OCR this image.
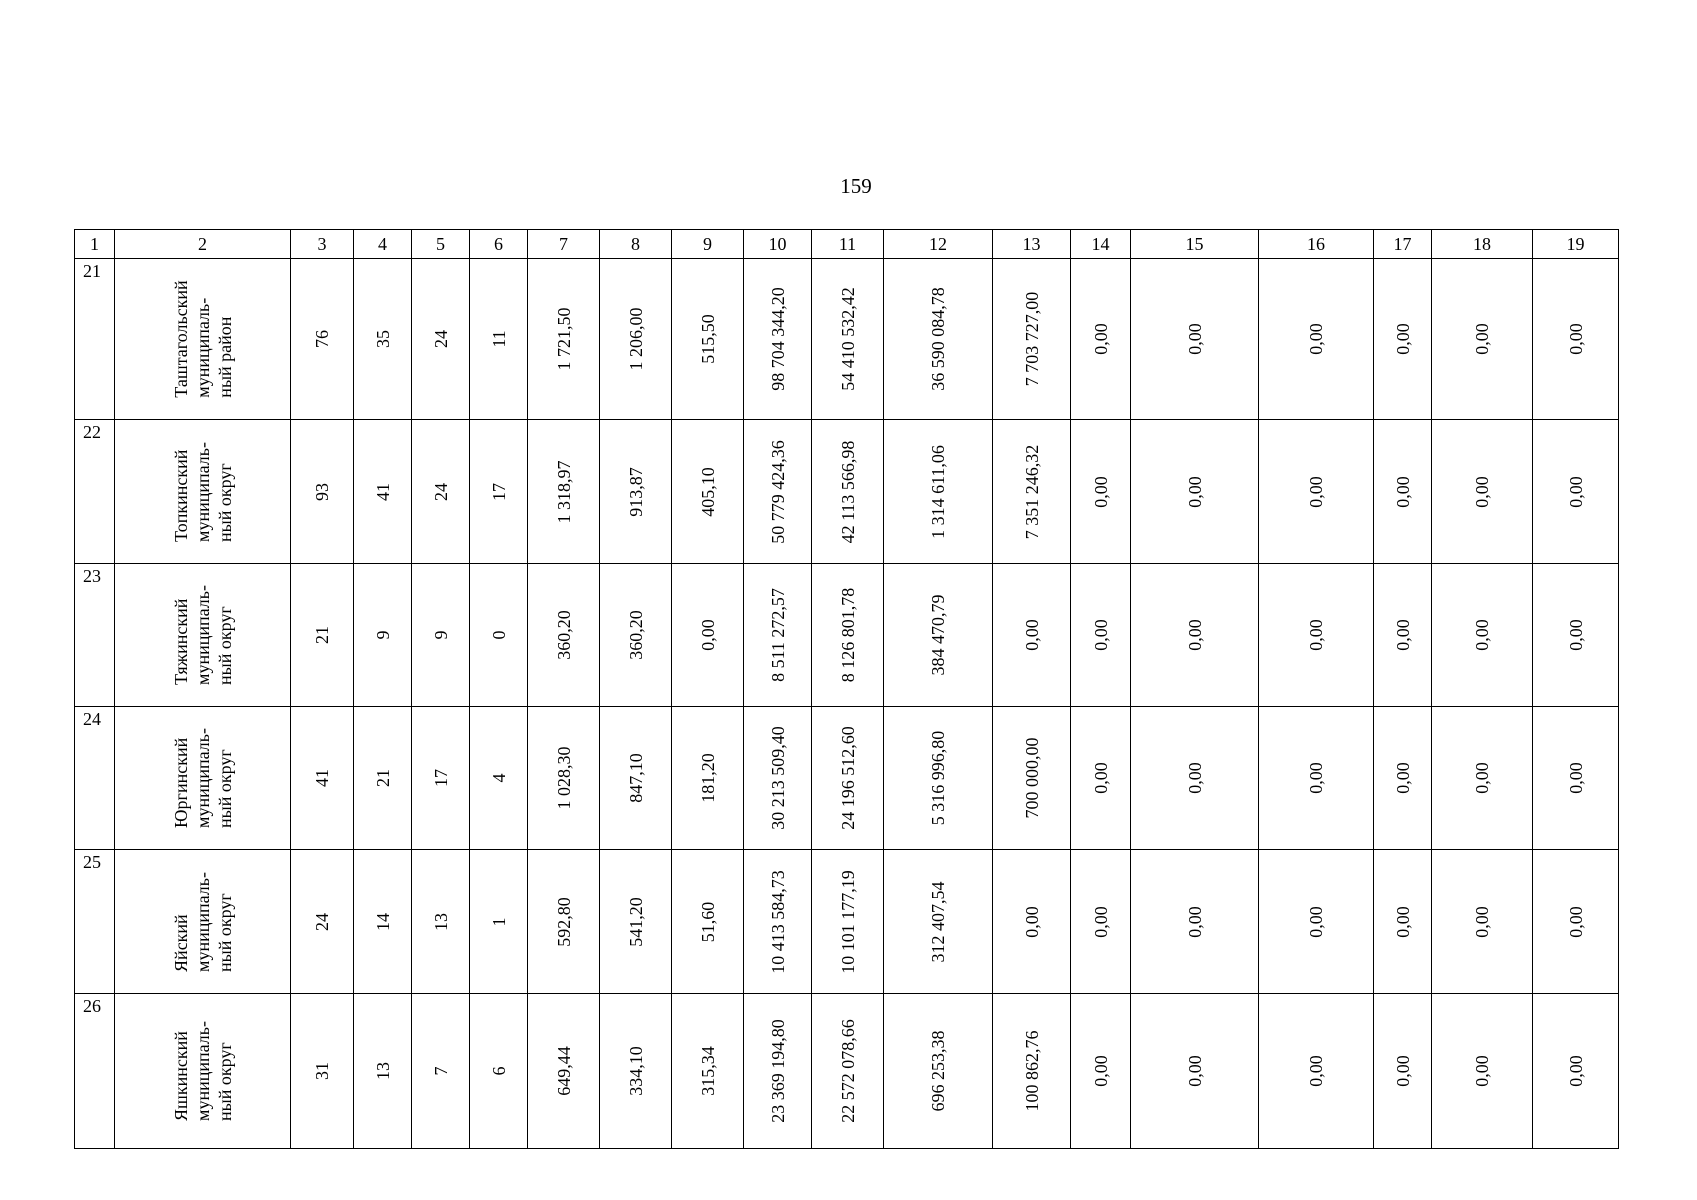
159
1	2	3	4	5	6	7	8	9	10	11	12	13	14	15	16	17	18	19

21	Таштагольский муниципаль- ный район	76	35	24	11	1 721,50	1 206,00	515,50	98 704 344,20	54 410 532,42	36 590 084,78	7 703 727,00	0,00	0,00	0,00	0,00	0,00	0,00

22	Топкинский муниципаль- ный округ	93	41	24	17	1 318,97	913,87	405,10	50 779 424,36	42 113 566,98	1 314 611,06	7 351 246,32	0,00	0,00	0,00	0,00	0,00	0,00

23	Тяжинский муниципаль- ный округ	21	9	9	0	360,20	360,20	0,00	8 511 272,57	8 126 801,78	384 470,79	0,00	0,00	0,00	0,00	0,00	0,00	0,00

24	Юргинский муниципаль- ный округ	41	21	17	4	1 028,30	847,10	181,20	30 213 509,40	24 196 512,60	5 316 996,80	700 000,00	0,00	0,00	0,00	0,00	0,00	0,00

25	Яйский муниципаль- ный округ	24	14	13	1	592,80	541,20	51,60	10 413 584,73	10 101 177,19	312 407,54	0,00	0,00	0,00	0,00	0,00	0,00	0,00

26	Яшкинский муниципаль- ный округ	31	13	7	6	649,44	334,10	315,34	23 369 194,80	22 572 078,66	696 253,38	100 862,76	0,00	0,00	0,00	0,00	0,00	0,00
